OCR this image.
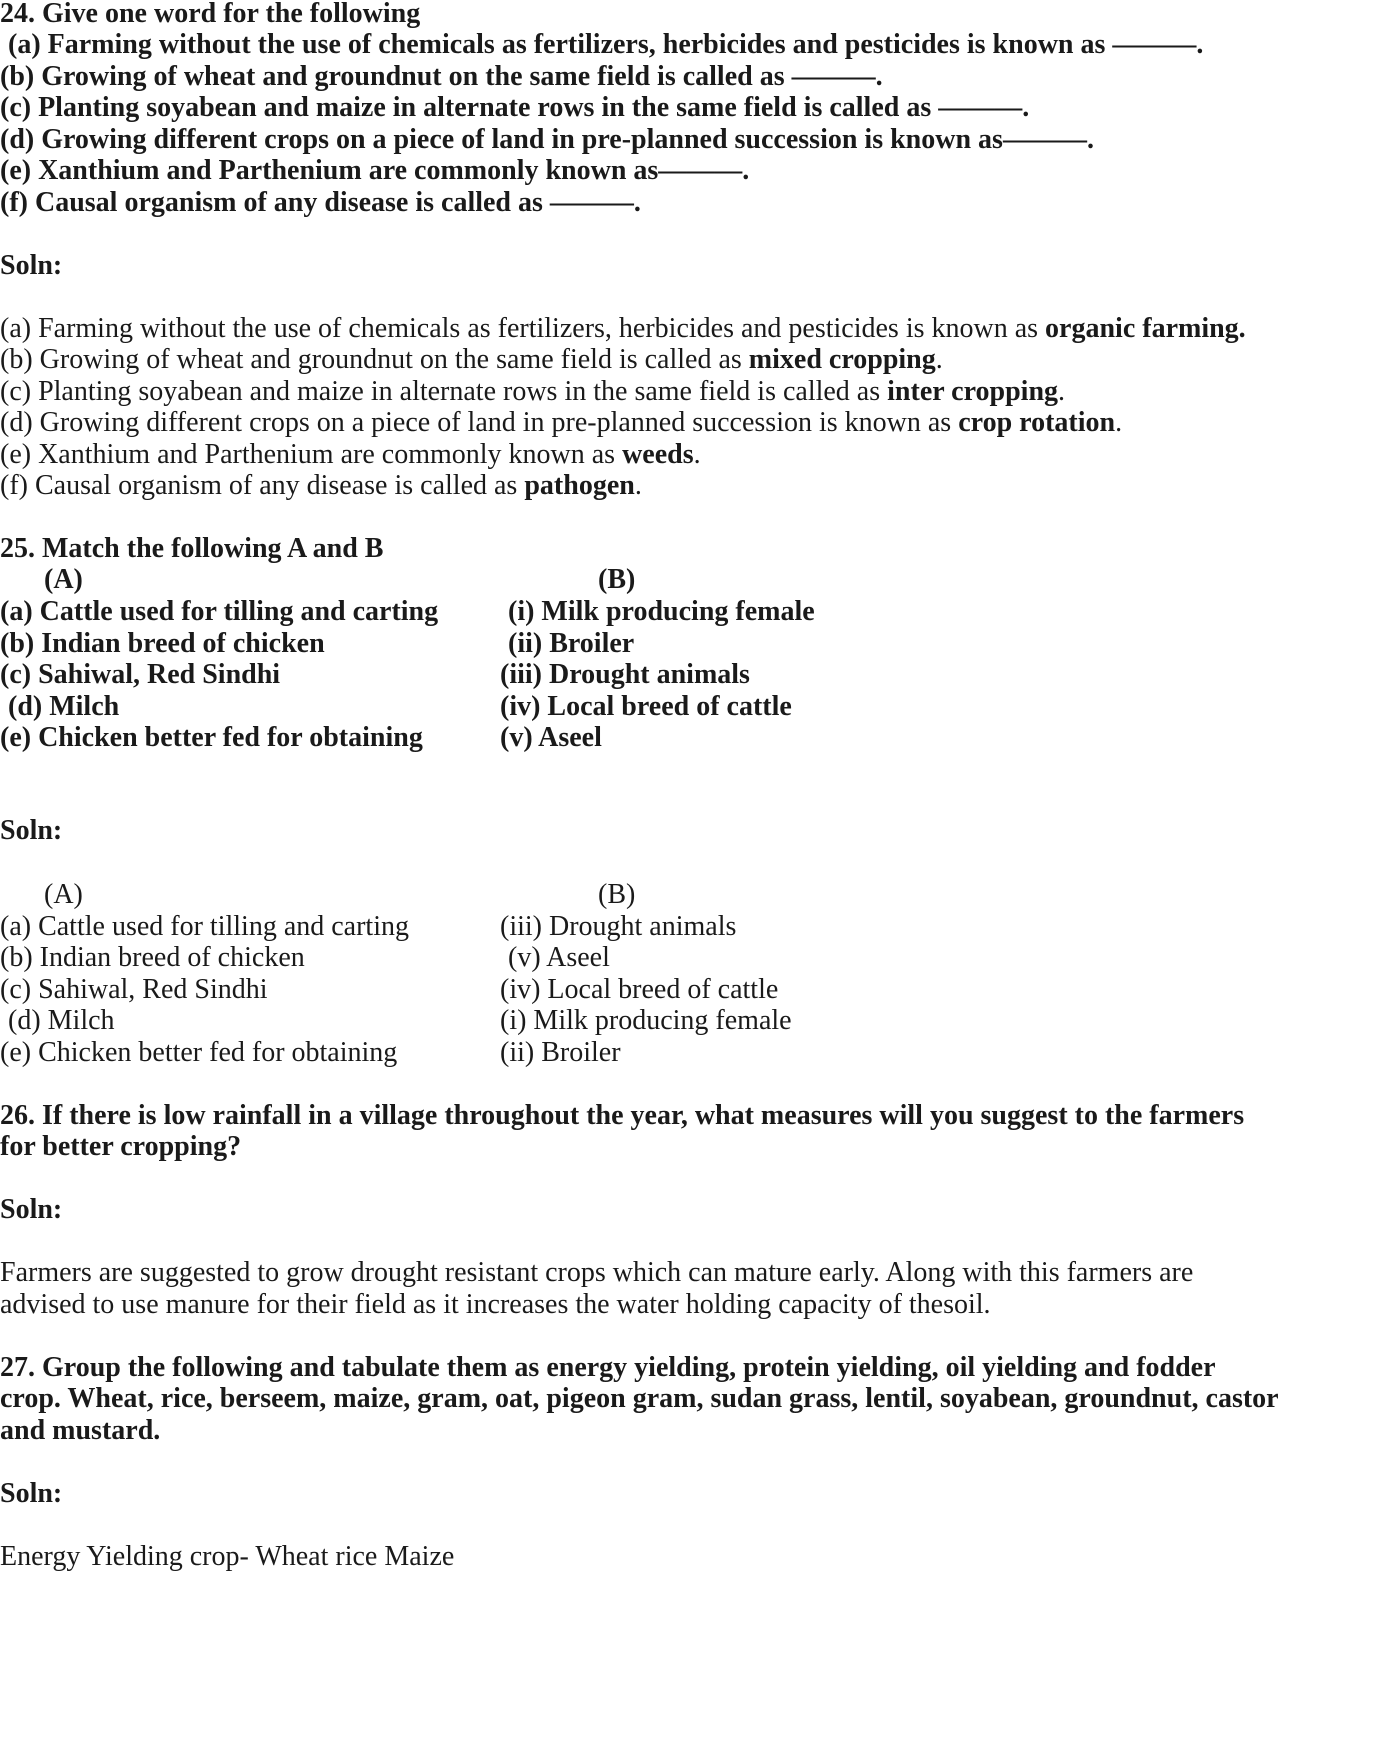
24. Give one word for the following
(a) Farming without the use of chemicals as fertilizers, herbicides and pesticides is known as ———.
(b) Growing of wheat and groundnut on the same field is called as ———.
(c) Planting soyabean and maize in alternate rows in the same field is called as ———.
(d) Growing different crops on a piece of land in pre-planned succession is known as———.
(e) Xanthium and Parthenium are commonly known as———.
(f) Causal organism of any disease is called as ———.
Soln:
(a) Farming without the use of chemicals as fertilizers, herbicides and pesticides is known as organic farming.
(b) Growing of wheat and groundnut on the same field is called as mixed cropping.
(c) Planting soyabean and maize in alternate rows in the same field is called as inter cropping.
(d) Growing different crops on a piece of land in pre-planned succession is known as crop rotation.
(e) Xanthium and Parthenium are commonly known as weeds.
(f) Causal organism of any disease is called as pathogen.
25. Match the following A and B
(A)	(B)
(a) Cattle used for tilling and carting (i) Milk producing female
(b) Indian breed of chicken	(ii) Broiler
(c) Sahiwal, Red Sindhi	(iii) Drought animals
(d) Milch	(iv) Local breed of cattle
(e) Chicken better fed for obtaining	(v) Aseel
Soln:
(A)	(B)
(a) Cattle used for tilling and carting	(iii) Drought animals
(b) Indian breed of chicken	(v) Aseel
(c) Sahiwal, Red Sindhi	(iv) Local breed of cattle
(d) Milch	(i) Milk producing female
(e) Chicken better fed for obtaining	(ii) Broiler
26. If there is low rainfall in a village throughout the year, what measures will you suggest to the farmers
for better cropping?
Soln:
Farmers are suggested to grow drought resistant crops which can mature early. Along with this farmers are
advised to use manure for their field as it increases the water holding capacity of thesoil.
27. Group the following and tabulate them as energy yielding, protein yielding, oil yielding and fodder
crop. Wheat, rice, berseem, maize, gram, oat, pigeon gram, sudan grass, lentil, soyabean, groundnut, castor
and mustard.
Soln:
Energy Yielding crop- Wheat rice Maize
